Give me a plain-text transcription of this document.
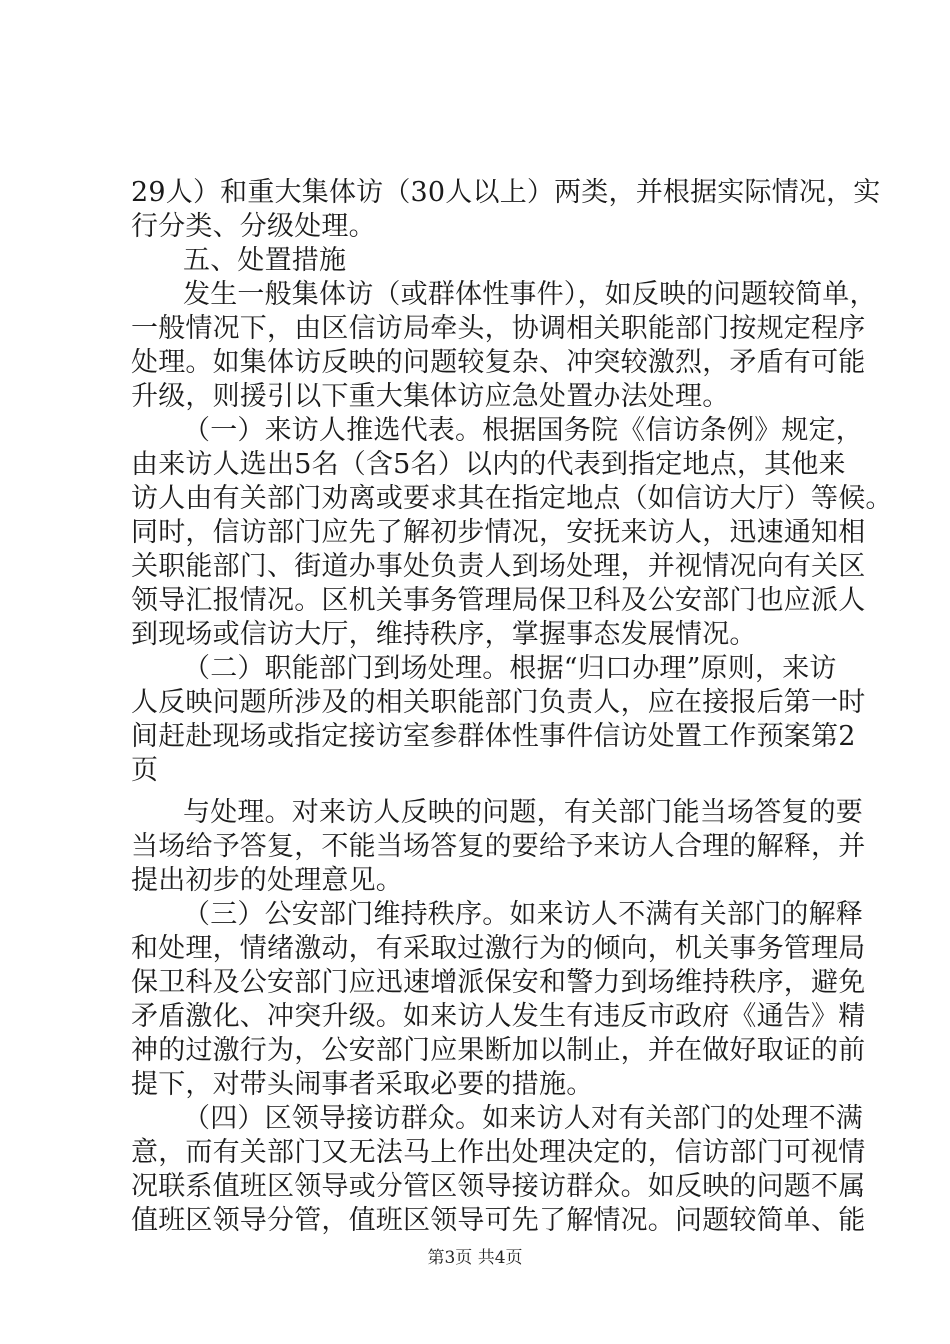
29人）和重大集体访（30人以上）两类，并根据实际情况，实
行分类、分级处理。
五、处置措施
发生一般集体访（或群体性事件），如反映的问题较简单，
一般情况下，由区信访局牵头，协调相关职能部门按规定程序
处理。如集体访反映的问题较复杂、冲突较激烈，矛盾有可能
升级，则援引以下重大集体访应急处置办法处理。
（一）来访人推选代表。根据国务院《信访条例》规定，
由来访人选出5名（含5名）以内的代表到指定地点，其他来
访人由有关部门劝离或要求其在指定地点（如信访大厅）等候。
同时，信访部门应先了解初步情况，安抚来访人，迅速通知相
关职能部门、街道办事处负责人到场处理，并视情况向有关区
领导汇报情况。区机关事务管理局保卫科及公安部门也应派人
到现场或信访大厅，维持秩序，掌握事态发展情况。
（二）职能部门到场处理。根据“归口办理”原则，来访
人反映问题所涉及的相关职能部门负责人，应在接报后第一时
间赶赴现场或指定接访室参群体性事件信访处置工作预案第2
页
与处理。对来访人反映的问题，有关部门能当场答复的要
当场给予答复，不能当场答复的要给予来访人合理的解释，并
提出初步的处理意见。
（三）公安部门维持秩序。如来访人不满有关部门的解释
和处理，情绪激动，有采取过激行为的倾向，机关事务管理局
保卫科及公安部门应迅速增派保安和警力到场维持秩序，避免
矛盾激化、冲突升级。如来访人发生有违反市政府《通告》精
神的过激行为，公安部门应果断加以制止，并在做好取证的前
提下，对带头闹事者采取必要的措施。
（四）区领导接访群众。如来访人对有关部门的处理不满
意，而有关部门又无法马上作出处理决定的，信访部门可视情
况联系值班区领导或分管区领导接访群众。如反映的问题不属
值班区领导分管，值班区领导可先了解情况。问题较简单、能
第3页 共4页
